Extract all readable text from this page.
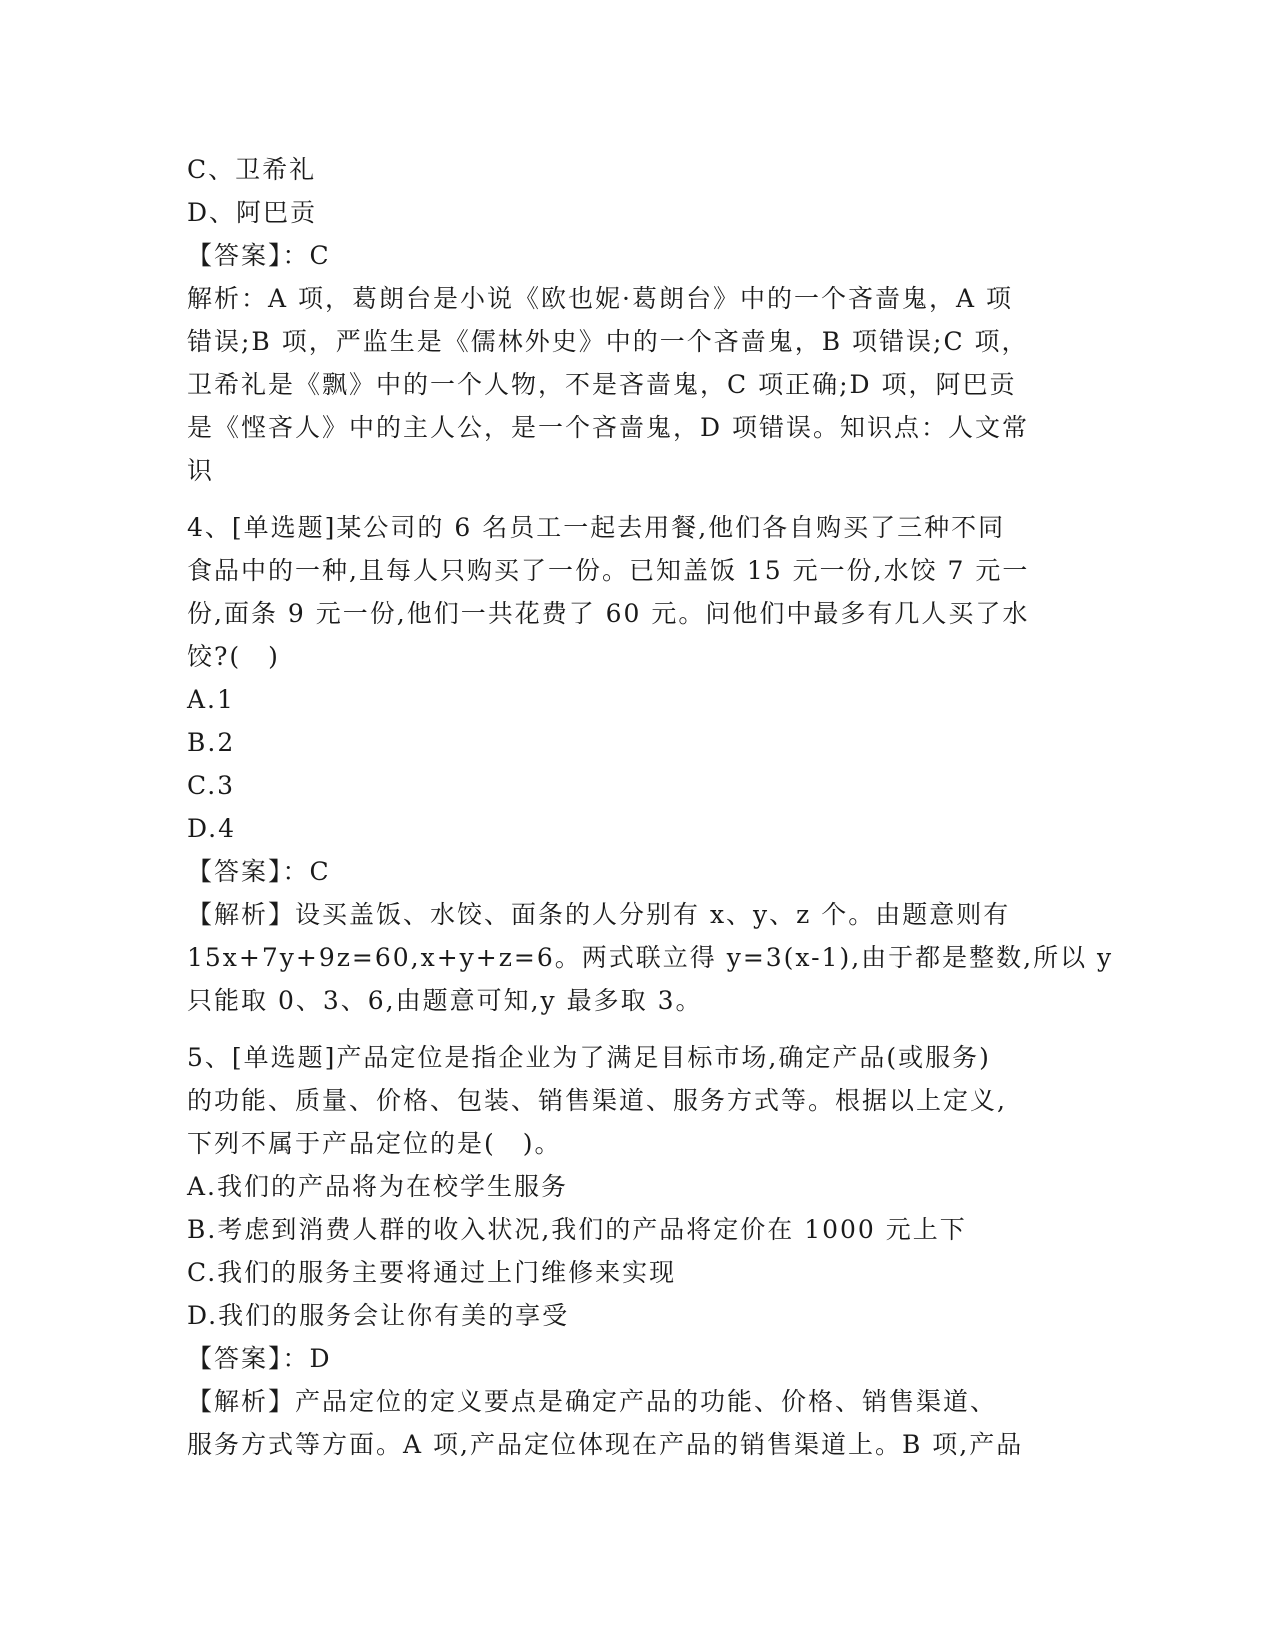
C、卫希礼
D、阿巴贡
【答案】：C
解析：A 项，葛朗台是小说《欧也妮·葛朗台》中的一个吝啬鬼，A 项
错误;B 项，严监生是《儒林外史》中的一个吝啬鬼，B 项错误;C 项，
卫希礼是《飘》中的一个人物，不是吝啬鬼，C 项正确;D 项，阿巴贡
是《悭吝人》中的主人公，是一个吝啬鬼，D 项错误。知识点：人文常
识
4、[单选题]某公司的 6 名员工一起去用餐,他们各自购买了三种不同
食品中的一种,且每人只购买了一份。已知盖饭 15 元一份,水饺 7 元一
份,面条 9 元一份,他们一共花费了 60 元。问他们中最多有几人买了水
饺?(　)
A.1
B.2
C.3
D.4
【答案】：C
【解析】设买盖饭、水饺、面条的人分别有 x、y、z 个。由题意则有
15x+7y+9z=60,x+y+z=6。两式联立得 y=3(x-1),由于都是整数,所以 y
只能取 0、3、6,由题意可知,y 最多取 3。
5、[单选题]产品定位是指企业为了满足目标市场,确定产品(或服务)
的功能、质量、价格、包装、销售渠道、服务方式等。根据以上定义,
下列不属于产品定位的是(　)。
A.我们的产品将为在校学生服务
B.考虑到消费人群的收入状况,我们的产品将定价在 1000 元上下
C.我们的服务主要将通过上门维修来实现
D.我们的服务会让你有美的享受
【答案】：D
【解析】产品定位的定义要点是确定产品的功能、价格、销售渠道、
服务方式等方面。A 项,产品定位体现在产品的销售渠道上。B 项,产品
